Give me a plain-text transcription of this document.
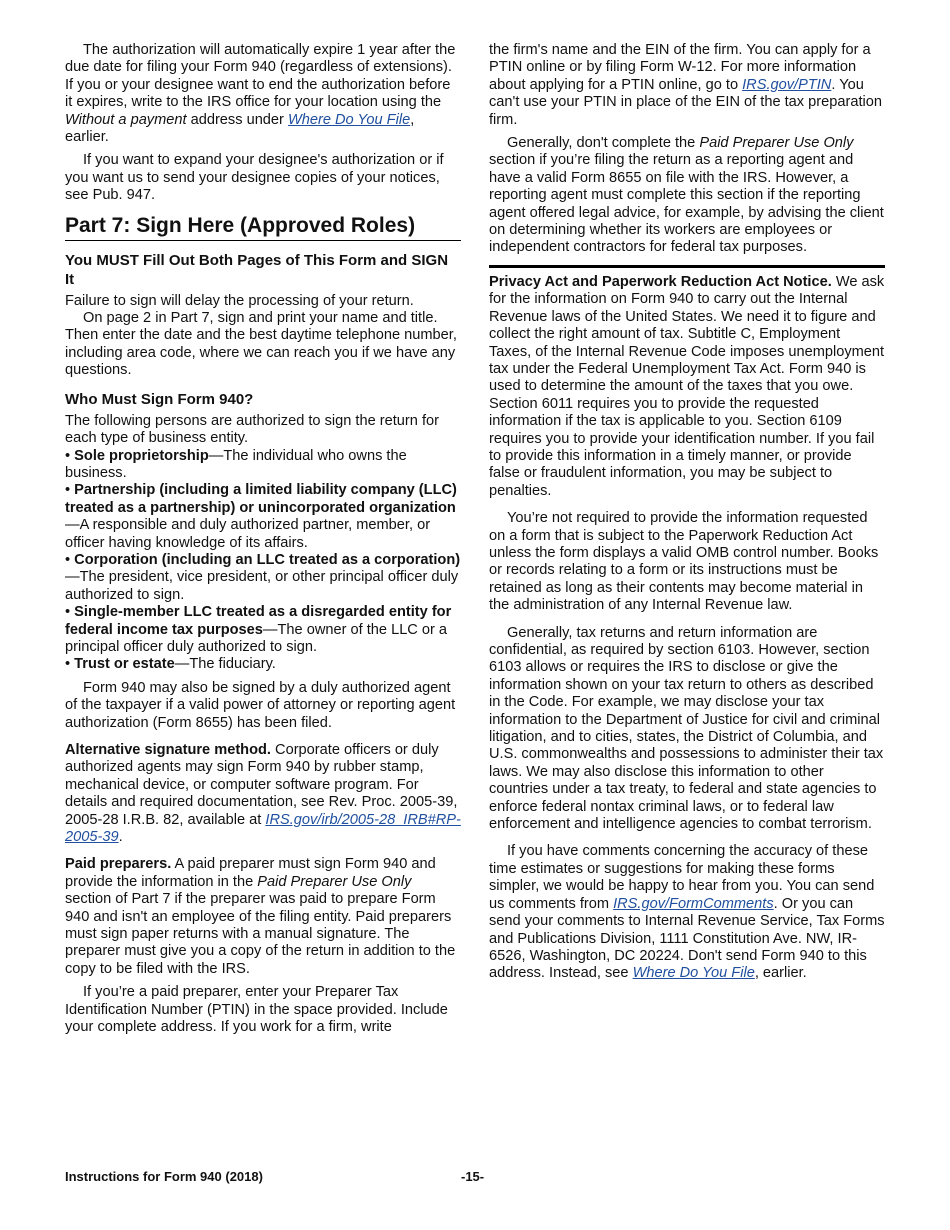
The authorization will automatically expire 1 year after the due date for filing your Form 940 (regardless of extensions). If you or your designee want to end the authorization before it expires, write to the IRS office for your location using the Without a payment address under Where Do You File, earlier.

If you want to expand your designee's authorization or if you want us to send your designee copies of your notices, see Pub. 947.

Part 7: Sign Here (Approved Roles)
You MUST Fill Out Both Pages of This Form and SIGN It

Failure to sign will delay the processing of your return.

On page 2 in Part 7, sign and print your name and title. Then enter the date and the best daytime telephone number, including area code, where we can reach you if we have any questions.

Who Must Sign Form 940?

The following persons are authorized to sign the return for each type of business entity.

• Sole proprietorship—The individual who owns the business.

• Partnership (including a limited liability company (LLC) treated as a partnership) or unincorporated organization—A responsible and duly authorized partner, member, or officer having knowledge of its affairs.

• Corporation (including an LLC treated as a corporation)—The president, vice president, or other principal officer duly authorized to sign.

• Single-member LLC treated as a disregarded entity for federal income tax purposes—The owner of the LLC or a principal officer duly authorized to sign.

• Trust or estate—The fiduciary.

Form 940 may also be signed by a duly authorized agent of the taxpayer if a valid power of attorney or reporting agent authorization (Form 8655) has been filed.

Alternative signature method. Corporate officers or duly authorized agents may sign Form 940 by rubber stamp, mechanical device, or computer software program. For details and required documentation, see Rev. Proc. 2005-39, 2005-28 I.R.B. 82, available at IRS.gov/irb/2005-28_IRB#RP-2005-39.

Paid preparers. A paid preparer must sign Form 940 and provide the information in the Paid Preparer Use Only section of Part 7 if the preparer was paid to prepare Form 940 and isn't an employee of the filing entity. Paid preparers must sign paper returns with a manual signature. The preparer must give you a copy of the return in addition to the copy to be filed with the IRS.

If you’re a paid preparer, enter your Preparer Tax Identification Number (PTIN) in the space provided. Include your complete address. If you work for a firm, write

the firm's name and the EIN of the firm. You can apply for a PTIN online or by filing Form W-12. For more information about applying for a PTIN online, go to IRS.gov/PTIN. You can't use your PTIN in place of the EIN of the tax preparation firm.

Generally, don't complete the Paid Preparer Use Only section if you’re filing the return as a reporting agent and have a valid Form 8655 on file with the IRS. However, a reporting agent must complete this section if the reporting agent offered legal advice, for example, by advising the client on determining whether its workers are employees or independent contractors for federal tax purposes.

Privacy Act and Paperwork Reduction Act Notice. We ask for the information on Form 940 to carry out the Internal Revenue laws of the United States. We need it to figure and collect the right amount of tax. Subtitle C, Employment Taxes, of the Internal Revenue Code imposes unemployment tax under the Federal Unemployment Tax Act. Form 940 is used to determine the amount of the taxes that you owe. Section 6011 requires you to provide the requested information if the tax is applicable to you. Section 6109 requires you to provide your identification number. If you fail to provide this information in a timely manner, or provide false or fraudulent information, you may be subject to penalties.

You’re not required to provide the information requested on a form that is subject to the Paperwork Reduction Act unless the form displays a valid OMB control number. Books or records relating to a form or its instructions must be retained as long as their contents may become material in the administration of any Internal Revenue law.

Generally, tax returns and return information are confidential, as required by section 6103. However, section 6103 allows or requires the IRS to disclose or give the information shown on your tax return to others as described in the Code. For example, we may disclose your tax information to the Department of Justice for civil and criminal litigation, and to cities, states, the District of Columbia, and U.S. commonwealths and possessions to administer their tax laws. We may also disclose this information to other countries under a tax treaty, to federal and state agencies to enforce federal nontax criminal laws, or to federal law enforcement and intelligence agencies to combat terrorism.

If you have comments concerning the accuracy of these time estimates or suggestions for making these forms simpler, we would be happy to hear from you. You can send us comments from IRS.gov/FormComments. Or you can send your comments to Internal Revenue Service, Tax Forms and Publications Division, 1111 Constitution Ave. NW, IR-6526, Washington, DC 20224. Don't send Form 940 to this address. Instead, see Where Do You File, earlier.

Instructions for Form 940 (2018)	-15-
